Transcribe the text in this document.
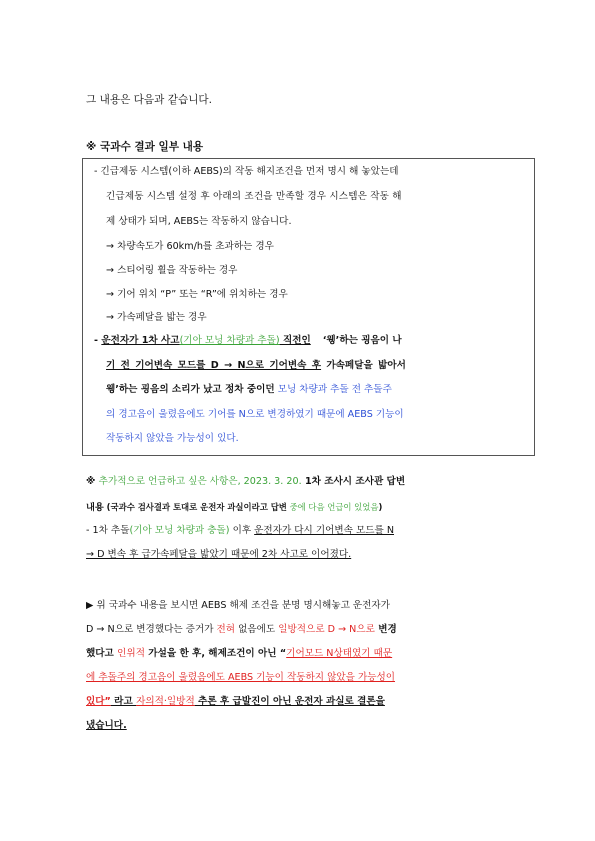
그 내용은 다음과 같습니다.
※ 국과수 결과 일부 내용
- 긴급제동 시스템(이하 AEBS)의 작동 해지조건을 먼저 명시 해 놓았는데
긴급제동 시스템 설정 후 아래의 조건을 만족할 경우 시스템은 작동 해
제 상태가 되며, AEBS는 작동하지 않습니다.
→ 차량속도가 60km/h를 초과하는 경우
→ 스티어링 휠을 작동하는 경우
→ 기어 위치 “P” 또는 “R”에 위치하는 경우
→ 가속페달을 밟는 경우
- 운전자가 1차 사고(기아 모닝 차량과 추돌) 직전인 ‘웽’하는 굉음이 나
기 전 기어변속 모드를 D → N으로 기어변속 후 가속페달을 밟아서
웽’하는 굉음의 소리가 났고 정차 중이던 모닝 차량과 추돌 전 추돌주
의 경고음이 울렸음에도 기어를 N으로 변경하였기 때문에 AEBS 기능이
작동하지 않았을 가능성이 있다.
※ 추가적으로 언급하고 싶은 사항은, 2023. 3. 20. 1차 조사시 조사관 답변
내용 (국과수 검사결과 토대로 운전자 과실이라고 답변 중에 다음 언급이 있었음)
- 1차 추돌(기아 모닝 차량과 충돌) 이후 운전자가 다시 기어변속 모드를 N
→ D 변속 후 급가속페달을 밟았기 때문에 2차 사고로 이어졌다.
▶ 위 국과수 내용을 보시면 AEBS 해제 조건을 분명 명시해놓고 운전자가
D → N으로 변경했다는 증거가 전혀 없음에도 일방적으로 D → N으로 변경
했다고 인위적 가설을 한 후, 해제조건이 아닌 “기어모드 N상태였기 때문
에 추돌주의 경고음이 울렸음에도 AEBS 기능이 작동하지 않았을 가능성이
있다” 라고 자의적·일방적 추론 후 급발진이 아닌 운전자 과실로 결론을
냈습니다.
